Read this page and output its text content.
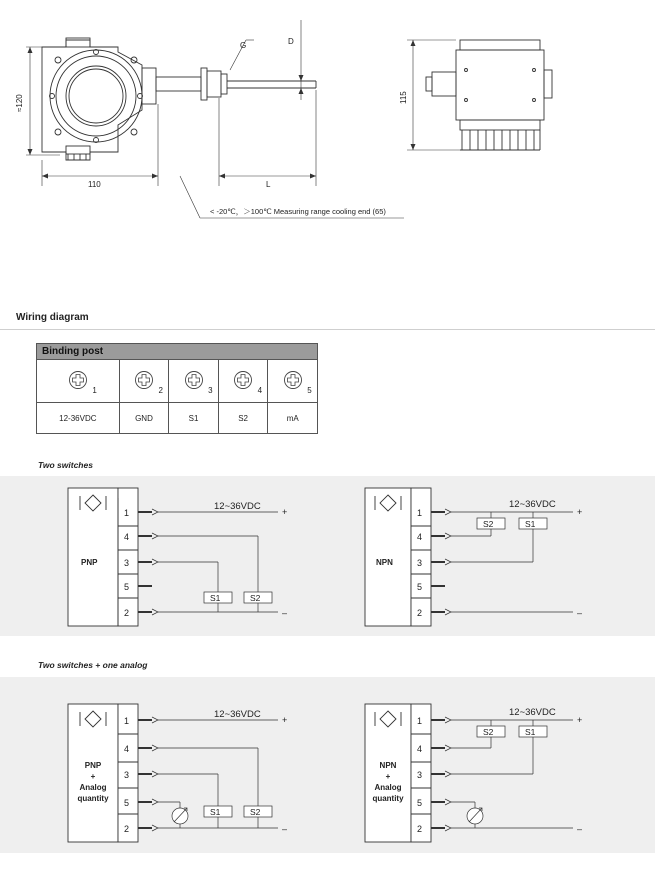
G	D
≈120
110	L
< -20℃，＞100℃ Measuring range cooling end (65)
115
Wiring diagram
Binding post				

1	2	3	4	5

12-36VDC	GND	S1	S2	mA
Two switches
1
4
3
5
2
PNP
12~36VDC +
–
S1	S2
1
4
3
5
2
NPN
12~36VDC
+
–
S1
S2
Two switches + one analog
1
4
3
5
2
PNP
+
Analog
quantity
12~36VDC +
–
S1	S2
1
4
3
5
2
NPN
+
Analog
quantity
12~36VDC
+
–
S1
S2
